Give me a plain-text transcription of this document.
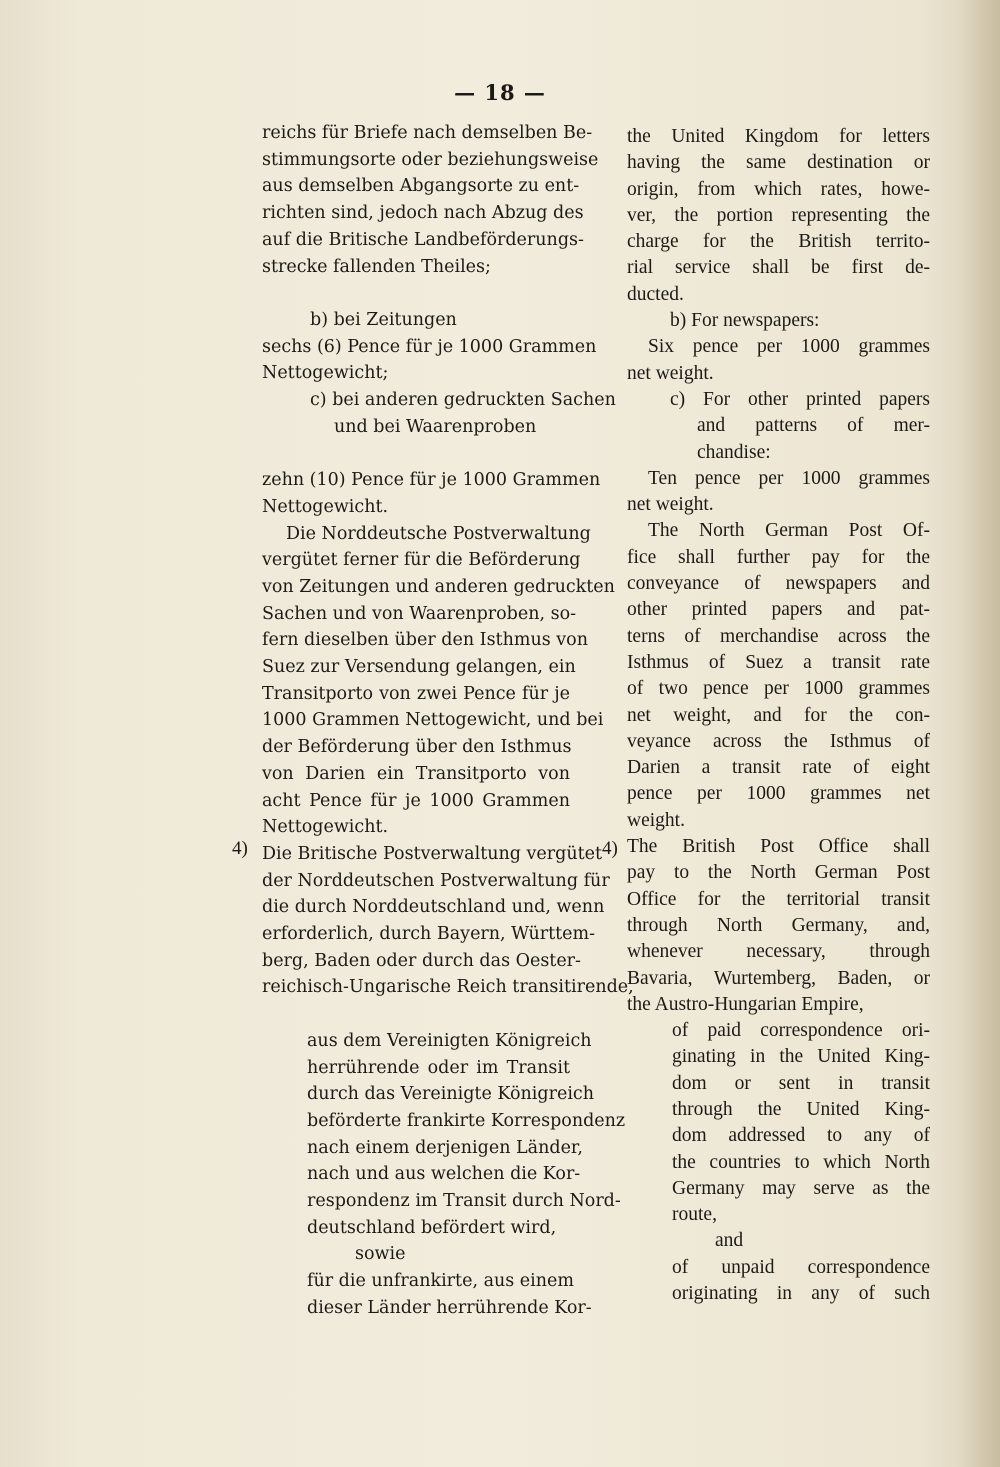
— 18 —
4)	4)
reichs für Briefe nach demselben Be-
stimmungsorte oder beziehungsweise
aus demselben Abgangsorte zu ent-
richten sind, jedoch nach Abzug des
auf die Britische Landbeförderungs-
strecke fallenden Theiles;
b) bei Zeitungen
sechs (6) Pence für je 1000 Grammen
Nettogewicht;
c) bei anderen gedruckten Sachen
und bei Waarenproben
zehn (10) Pence für je 1000 Grammen
Nettogewicht.
Die Norddeutsche Postverwaltung
vergütet ferner für die Beförderung
von Zeitungen und anderen gedruckten
Sachen und von Waarenproben, so-
fern dieselben über den Isthmus von
Suez zur Versendung gelangen, ein
Transitporto von zwei Pence für je
1000 Grammen Nettogewicht, und bei
der Beförderung über den Isthmus
von Darien ein Transitporto von
acht Pence für je 1000 Grammen
Nettogewicht.
Die Britische Postverwaltung vergütet
der Norddeutschen Postverwaltung für
die durch Norddeutschland und, wenn
erforderlich, durch Bayern, Württem-
berg, Baden oder durch das Oester-
reichisch-Ungarische Reich transitirende,
aus dem Vereinigten Königreich
herrührende oder im Transit
durch das Vereinigte Königreich
beförderte frankirte Korrespondenz
nach einem derjenigen Länder,
nach und aus welchen die Kor-
respondenz im Transit durch Nord-
deutschland befördert wird,
sowie
für die unfrankirte, aus einem
dieser Länder herrührende Kor-
the United Kingdom for letters
having the same destination or
origin, from which rates, howe-
ver, the portion representing the
charge for the British territo-
rial service shall be first de-
ducted.
b) For newspapers:
Six pence per 1000 grammes
net weight.
c) For other printed papers
and patterns of mer-
chandise:
Ten pence per 1000 grammes
net weight.
The North German Post Of-
fice shall further pay for the
conveyance of newspapers and
other printed papers and pat-
terns of merchandise across the
Isthmus of Suez a transit rate
of two pence per 1000 grammes
net weight, and for the con-
veyance across the Isthmus of
Darien a transit rate of eight
pence per 1000 grammes net
weight.
The British Post Office shall
pay to the North German Post
Office for the territorial transit
through North Germany, and,
whenever necessary, through
Bavaria, Wurtemberg, Baden, or
the Austro-Hungarian Empire,
of paid correspondence ori-
ginating in the United King-
dom or sent in transit
through the United King-
dom addressed to any of
the countries to which North
Germany may serve as the
route,
and
of unpaid correspondence
originating in any of such
